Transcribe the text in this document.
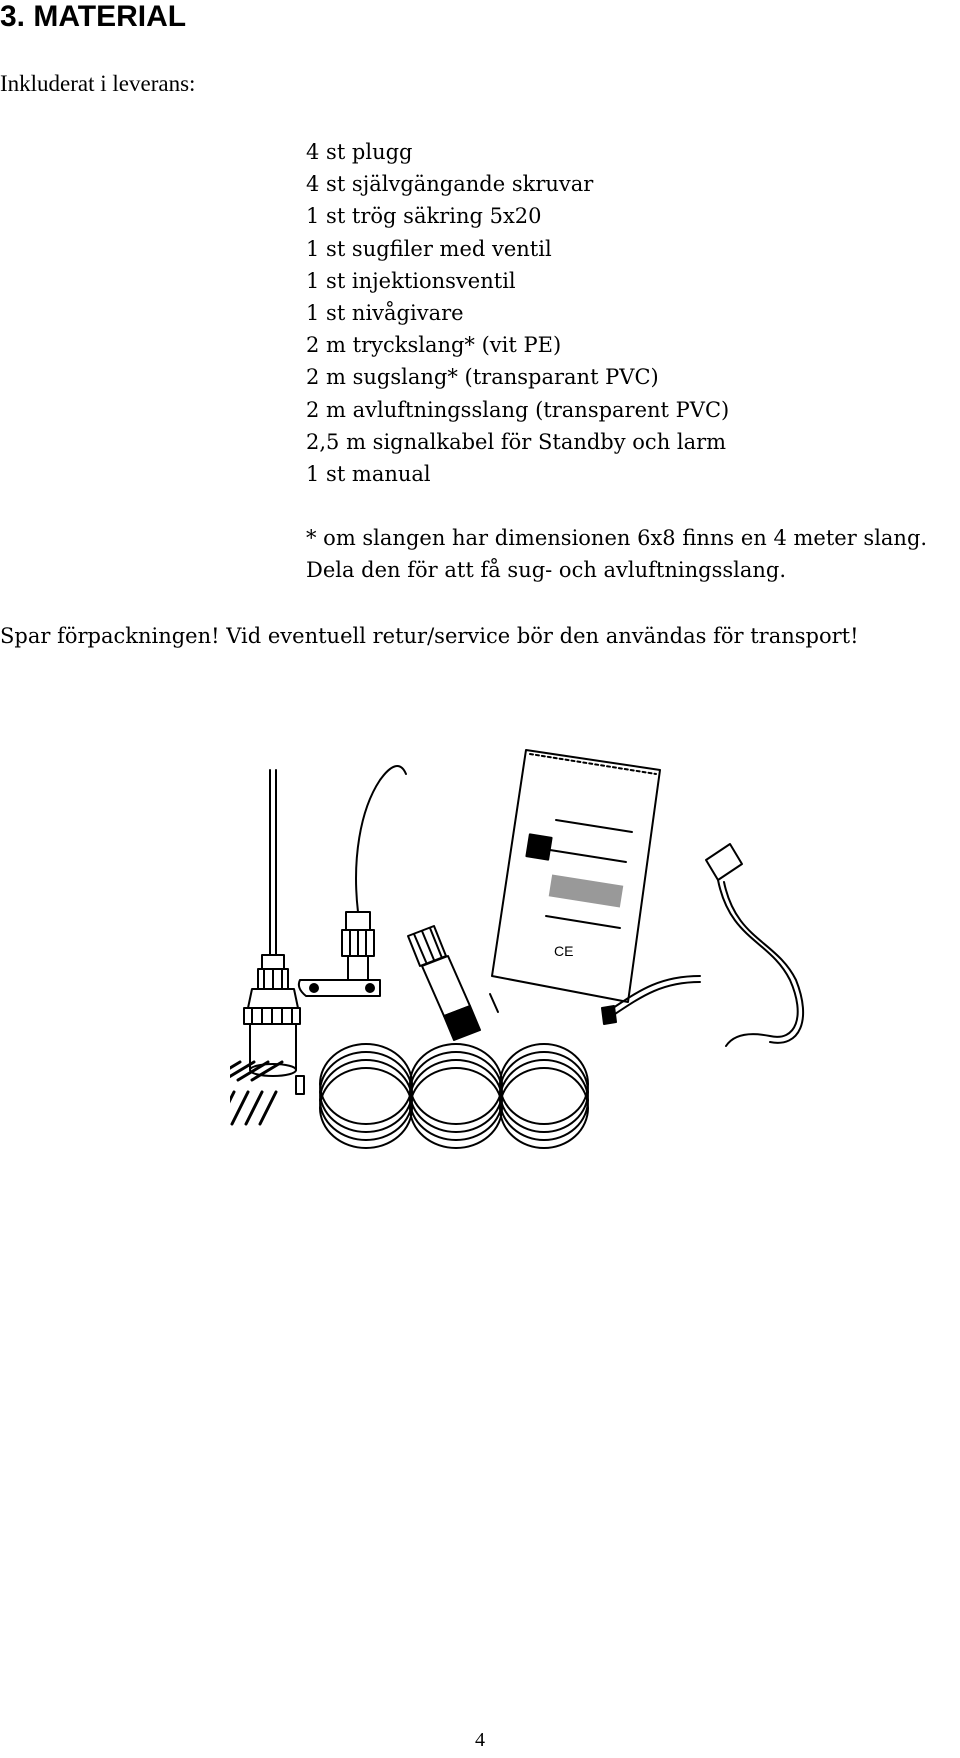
3. MATERIAL
Inkluderat i leverans:
4 st plugg
4 st självgängande skruvar
1 st trög säkring 5x20
1 st sugfiler med ventil
1 st injektionsventil
1 st nivågivare
2 m tryckslang* (vit PE)
2 m sugslang* (transparant PVC)
2 m avluftningsslang (transparent PVC)
2,5 m signalkabel för Standby och larm
1 st manual

* om slangen har dimensionen 6x8 finns en 4 meter slang.

Dela den för att få sug- och avluftningsslang.

Spar förpackningen! Vid eventuell retur/service bör den användas för transport!

CE

4
